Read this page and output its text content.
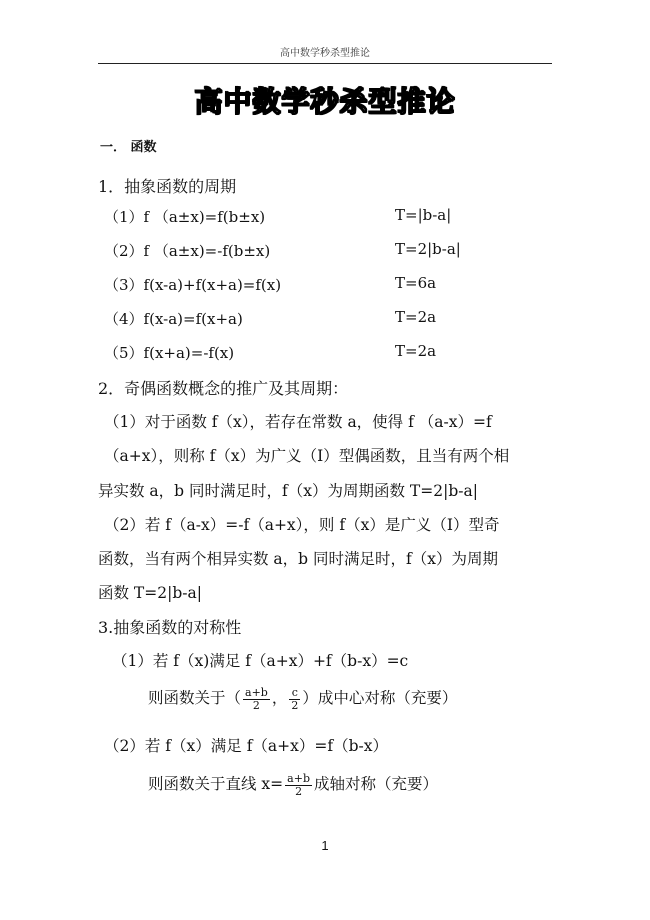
高中数学秒杀型推论
高中数学秒杀型推论
一． 函数
1．抽象函数的周期
（1）f （a±x)=f(b±x)	T=|b-a|
（2）f （a±x)=-f(b±x)	T=2|b-a|
（3）f(x-a)+f(x+a)=f(x)	T=6a
（4）f(x-a)=f(x+a)	T=2a
（5）f(x+a)=-f(x)	T=2a
2．奇偶函数概念的推广及其周期：
（1）对于函数 f（x），若存在常数 a，使得 f （a-x）=f
（a+x），则称 f（x）为广义（Ⅰ）型偶函数，且当有两个相
异实数 a，b 同时满足时，f（x）为周期函数 T=2|b-a|
（2）若 f（a-x）=-f（a+x），则 f（x）是广义（Ⅰ）型奇
函数，当有两个相异实数 a，b 同时满足时，f（x）为周期
函数 T=2|b-a|
3.抽象函数的对称性
（1）若 f（x)满足 f（a+x）+f（b-x）=c
则函数关于（ $\frac{a+b}{2}$ ， $\frac{c}{2}$ ）成中心对称（充要）
（2）若 f（x）满足 f（a+x）=f（b-x）
则函数关于直线 $x= \frac{a+b}{2}$ 成轴对称（充要）
1
